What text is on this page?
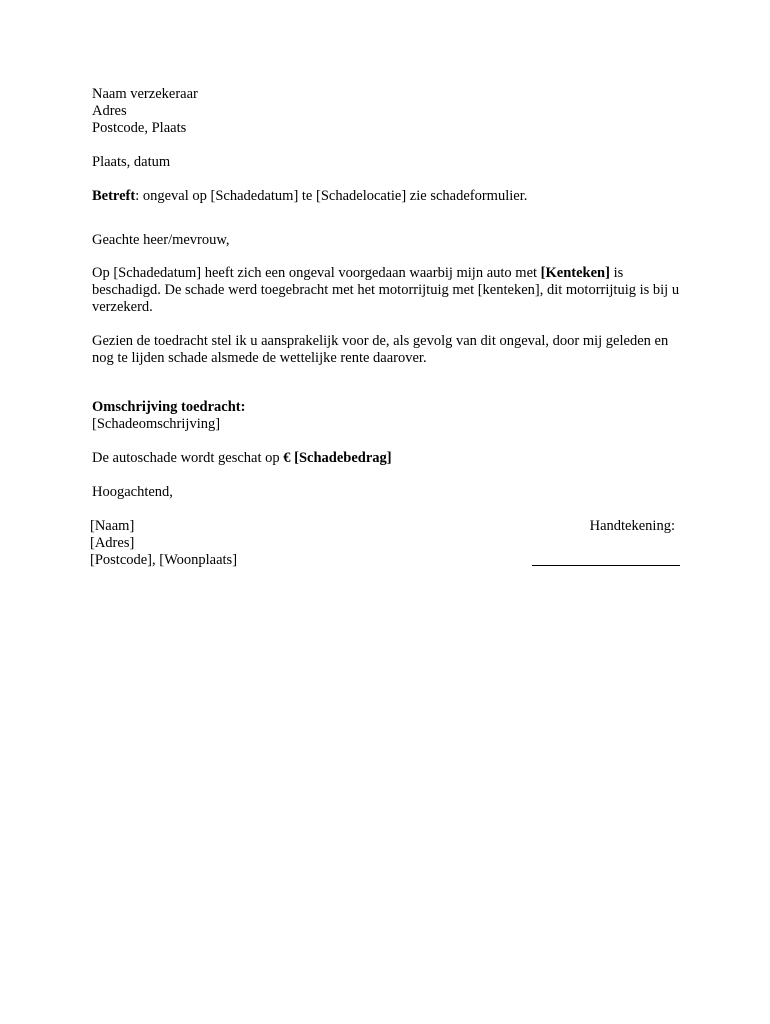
Naam verzekeraar
Adres
Postcode, Plaats
Plaats, datum
Betreft: ongeval op [Schadedatum] te [Schadelocatie] zie schadeformulier.
Geachte heer/mevrouw,
Op [Schadedatum] heeft zich een ongeval voorgedaan waarbij mijn auto met [Kenteken] is beschadigd. De schade werd toegebracht met het motorrijtuig met [kenteken], dit motorrijtuig is bij u verzekerd.
Gezien de toedracht stel ik u aansprakelijk voor de, als gevolg van dit ongeval, door mij geleden en nog te lijden schade alsmede de wettelijke rente daarover.
Omschrijving toedracht:
[Schadeomschrijving]
De autoschade wordt geschat op € [Schadebedrag]
Hoogachtend,
[Naam]
[Adres]
[Postcode], [Woonplaats]
Handtekening:
